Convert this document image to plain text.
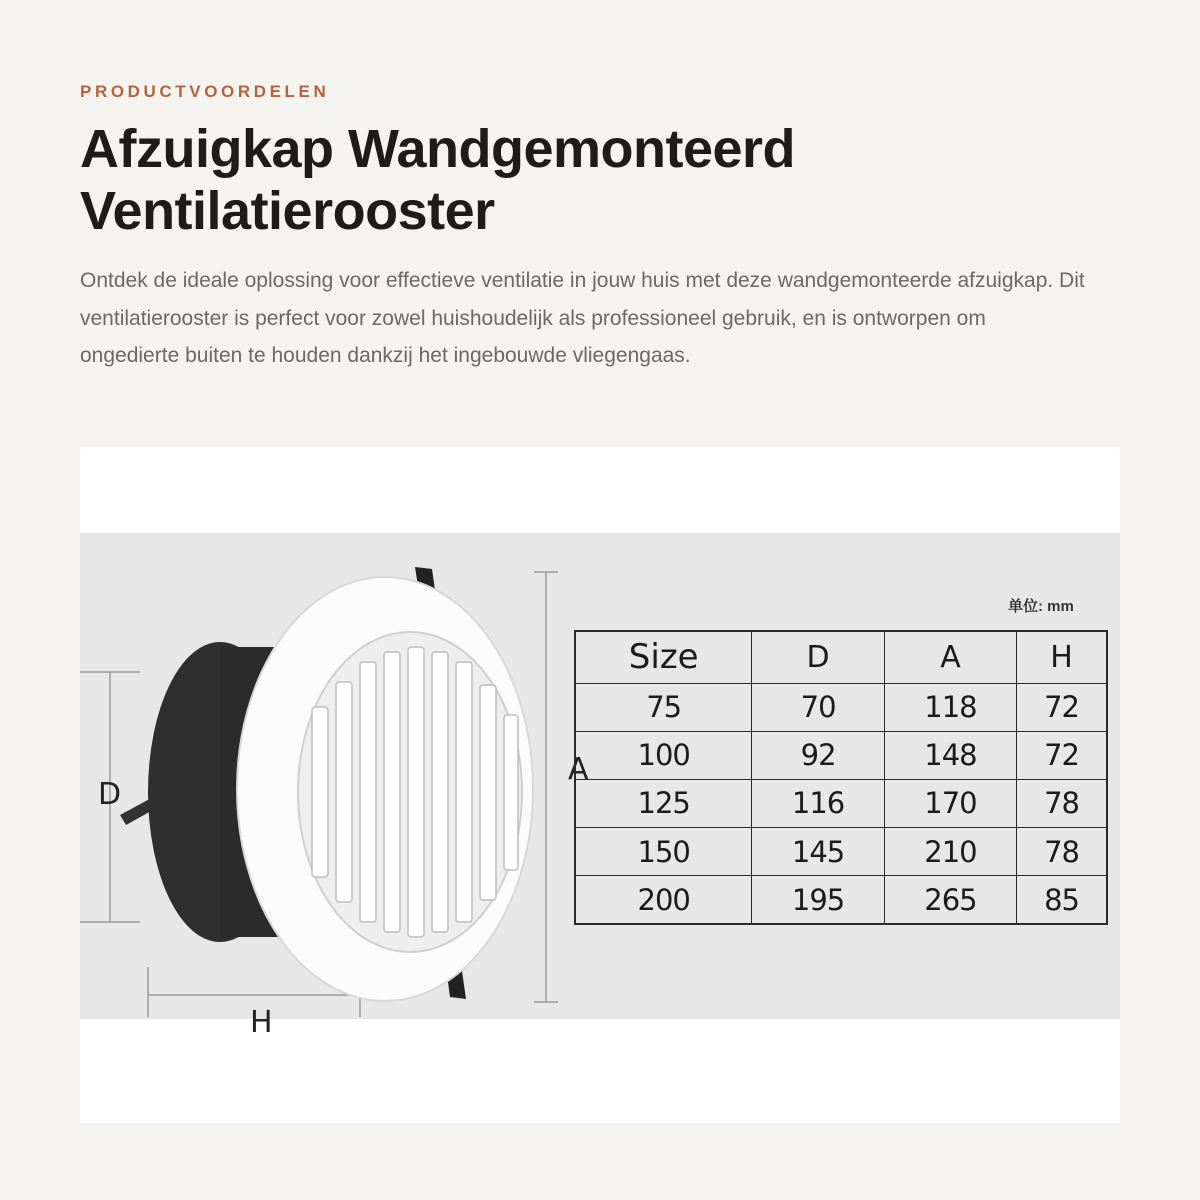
PRODUCTVOORDELEN
Afzuigkap Wandgemonteerd
Ventilatierooster

Ontdek de ideale oplossing voor effectieve ventilatie in jouw huis met deze wandgemonteerde afzuigkap. Dit ventilatierooster is perfect voor zowel huishoudelijk als professioneel gebruik, en is ontworpen om ongedierte buiten te houden dankzij het ingebouwde vliegengaas.

单位: mm
A
D
H
Size	D	A	H
75	70	118	72
100	92	148	72
125	116	170	78
150	145	210	78
200	195	265	85
